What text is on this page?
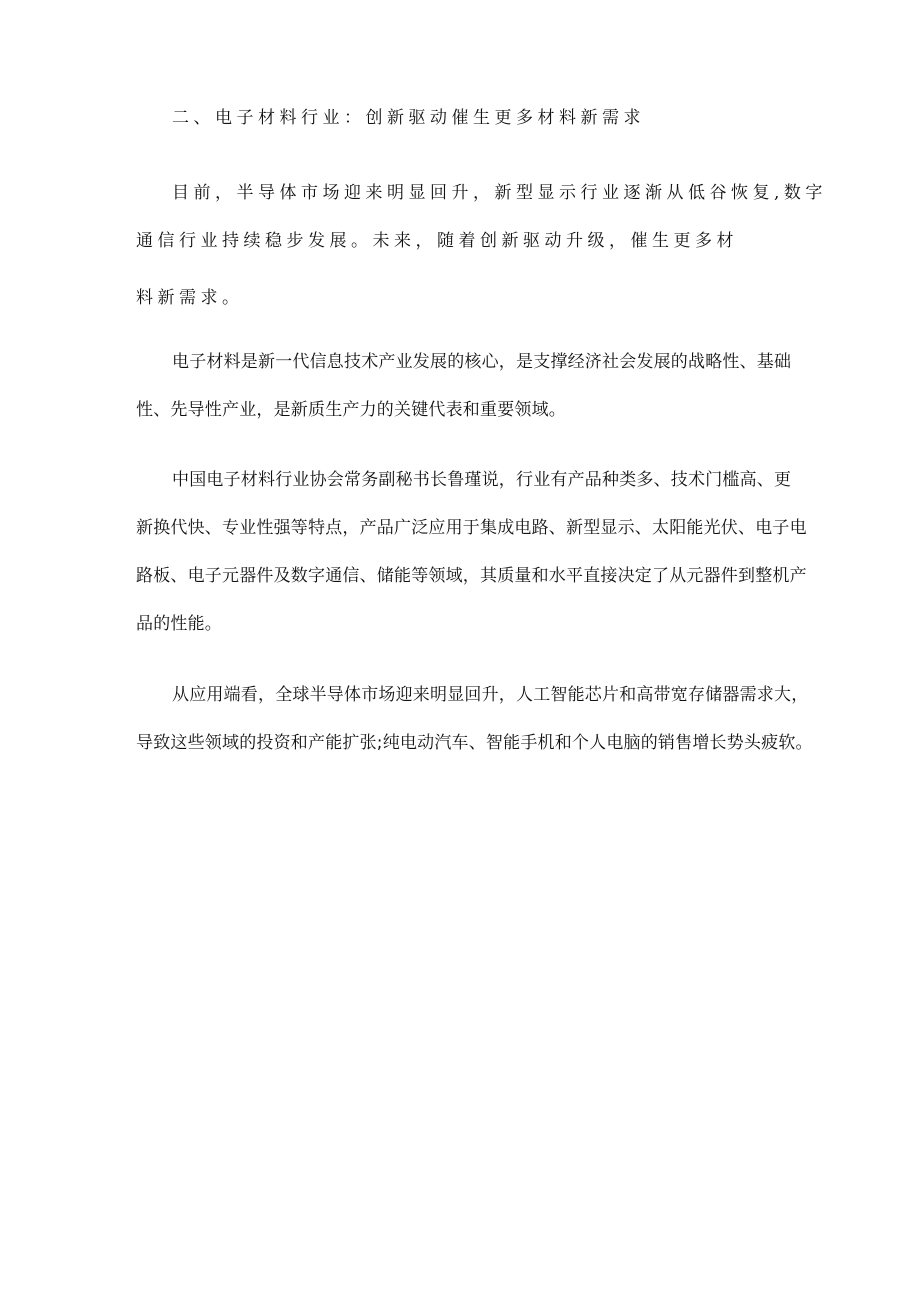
二、电子材料行业：创新驱动催生更多材料新需求
目前，半导体市场迎来明显回升，新型显示行业逐渐从低谷恢复,数字
通信行业持续稳步发展。未来，随着创新驱动升级，催生更多材
料新需求。
电子材料是新一代信息技术产业发展的核心，是支撑经济社会发展的战略性、基础
性、先导性产业，是新质生产力的关键代表和重要领域。
中国电子材料行业协会常务副秘书长鲁瑾说，行业有产品种类多、技术门槛高、更
新换代快、专业性强等特点，产品广泛应用于集成电路、新型显示、太阳能光伏、电子电
路板、电子元器件及数字通信、储能等领域，其质量和水平直接决定了从元器件到整机产
品的性能。
从应用端看，全球半导体市场迎来明显回升，人工智能芯片和高带宽存储器需求大，
导致这些领域的投资和产能扩张;纯电动汽车、智能手机和个人电脑的销售增长势头疲软。
